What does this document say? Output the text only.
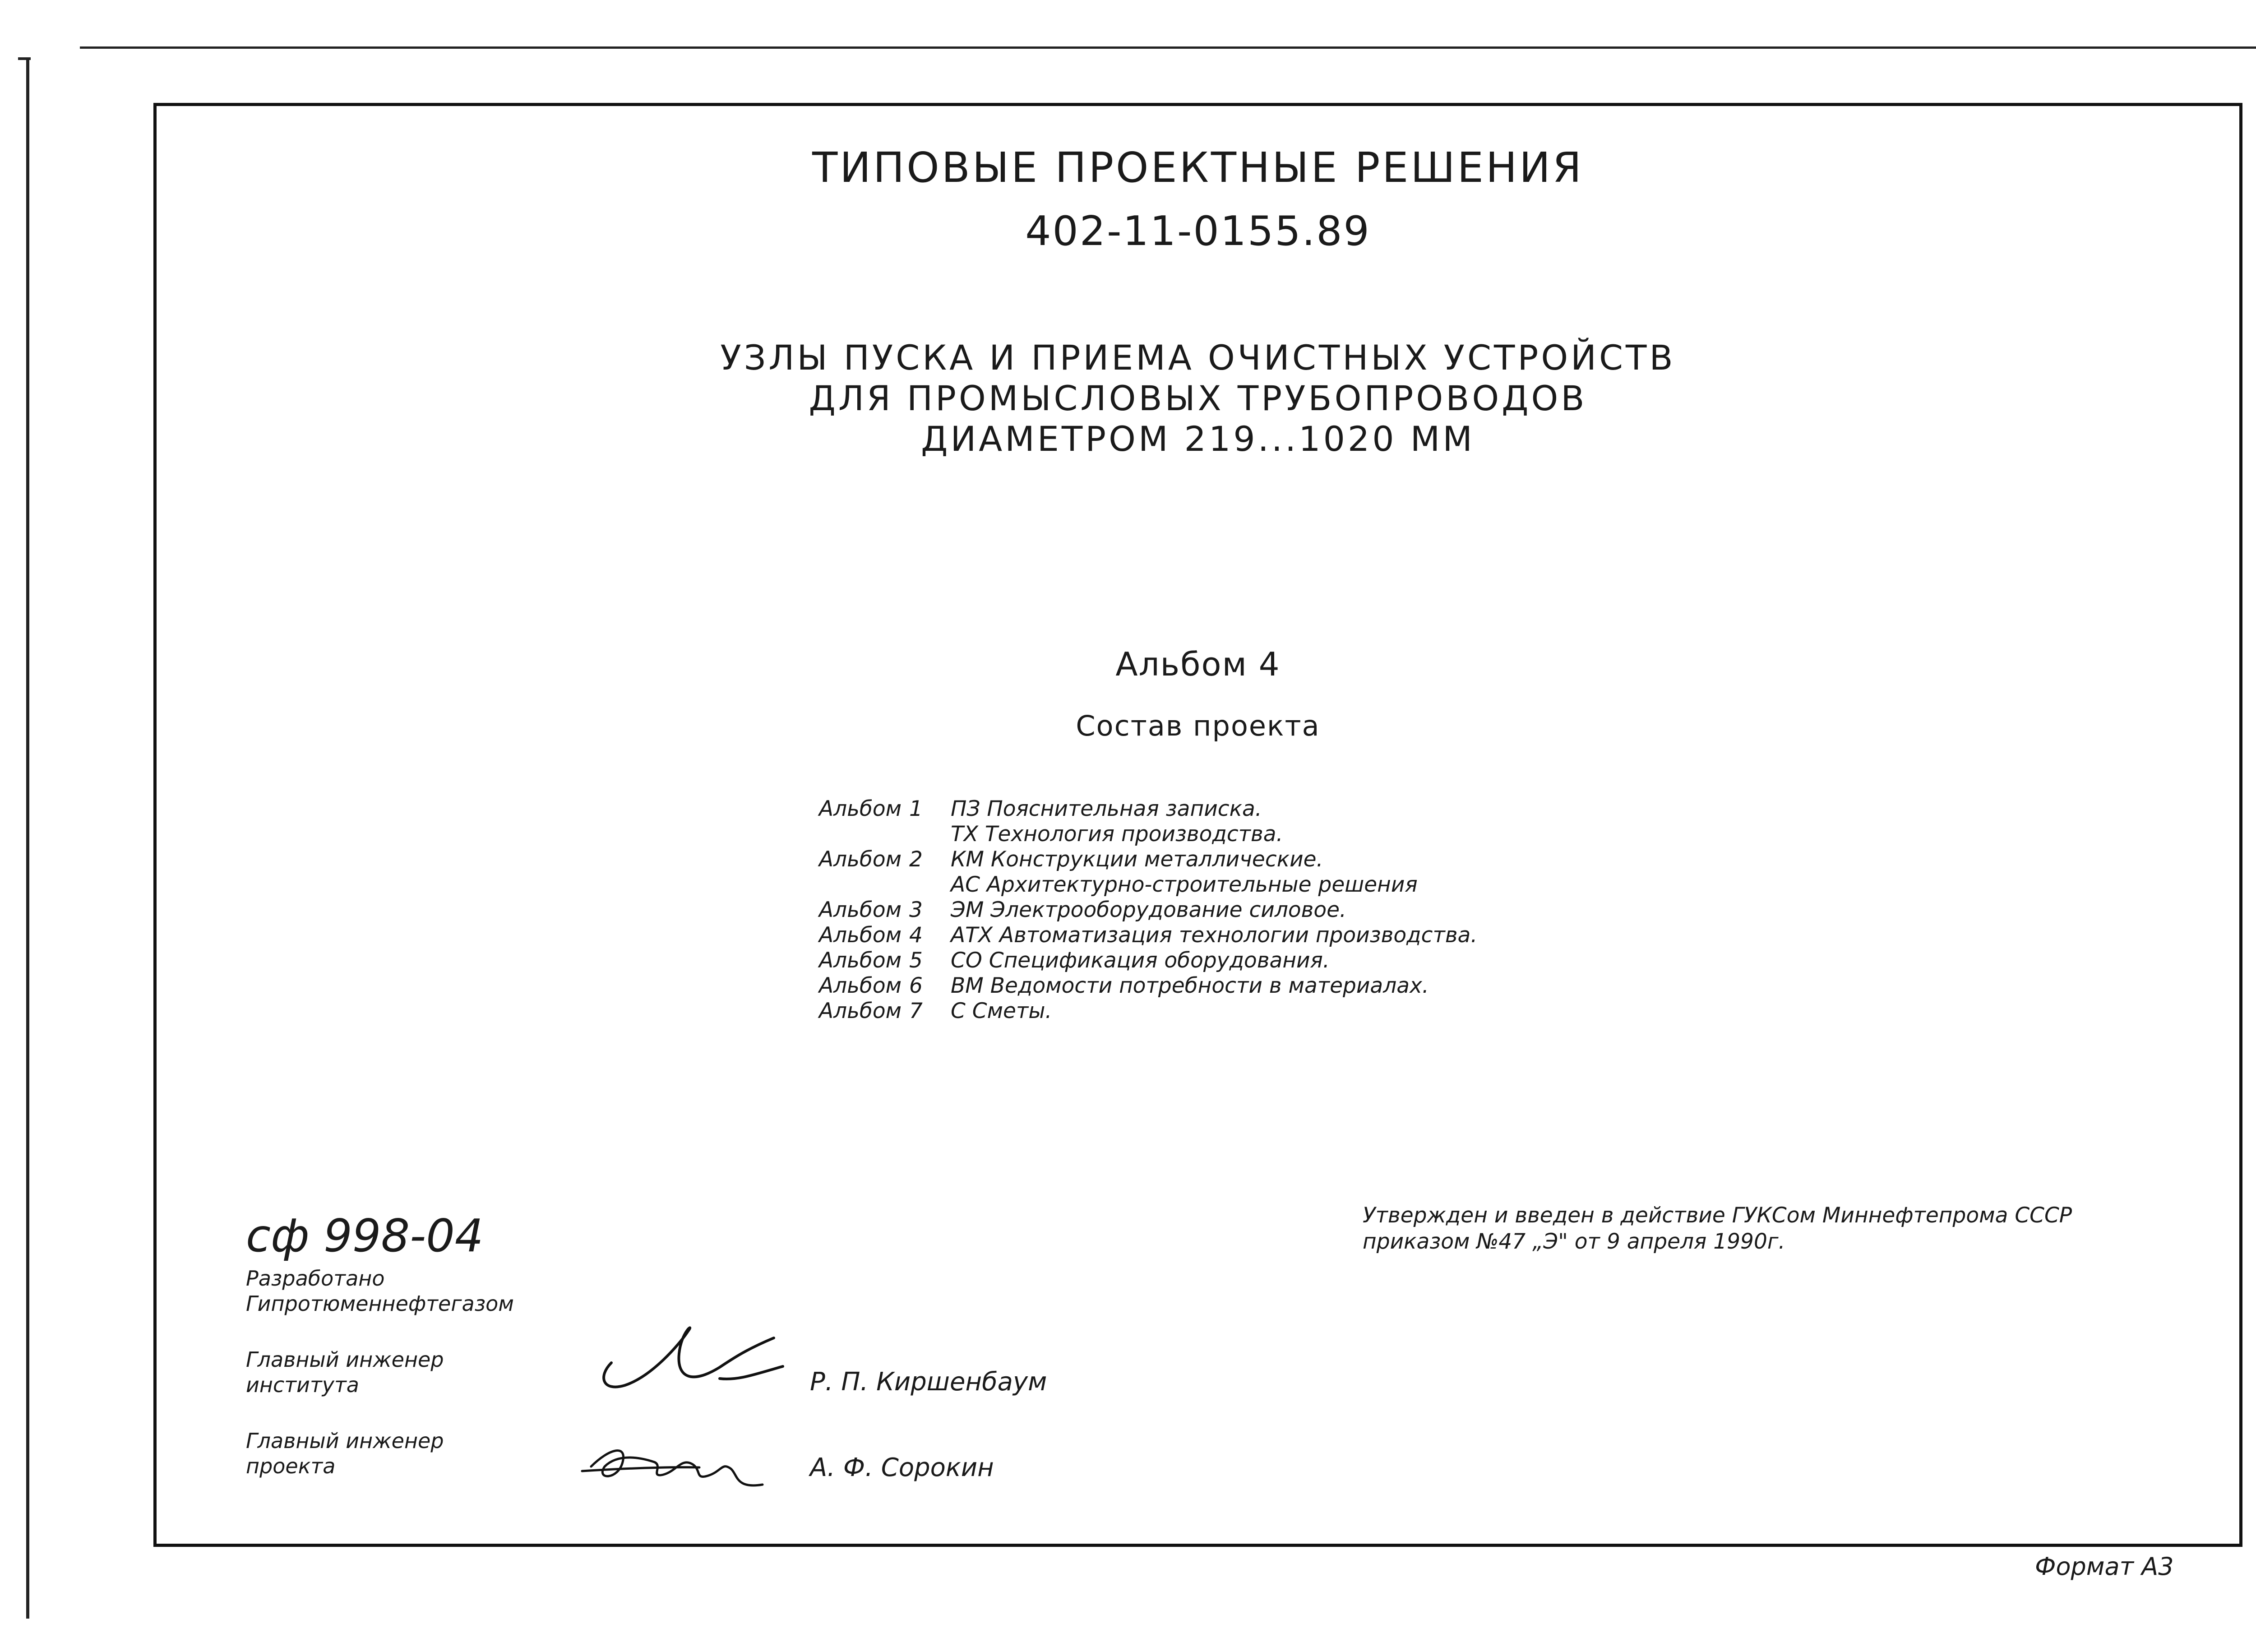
ТИПОВЫЕ ПРОЕКТНЫЕ РЕШЕНИЯ
402-11-0155.89
УЗЛЫ ПУСКА И ПРИЕМА ОЧИСТНЫХ УСТРОЙСТВ
ДЛЯ ПРОМЫСЛОВЫХ ТРУБОПРОВОДОВ
ДИАМЕТРОМ 219...1020 ММ
Альбом 4
Состав проекта
Альбом 1	ПЗ Пояснительная записка.
ТХ Технология производства.
Альбом 2	КМ Конструкции металлические.
АС Архитектурно-строительные решения
Альбом 3	ЭМ Электрооборудование силовое.
Альбом 4	АТХ Автоматизация технологии производства.
Альбом 5	СО Спецификация оборудования.
Альбом 6	ВМ Ведомости потребности в материалах.
Альбом 7	С Сметы.
сф 998-04
Разработано
Гипротюменнефтегазом
Главный инженер
института
Главный инженер
проекта
Р. П. Киршенбаум
А. Ф. Сорокин
Утвержден и введен в действие ГУКСом Миннефтепрома СССР
приказом №47 „Э" от 9 апреля 1990г.
Формат А3
